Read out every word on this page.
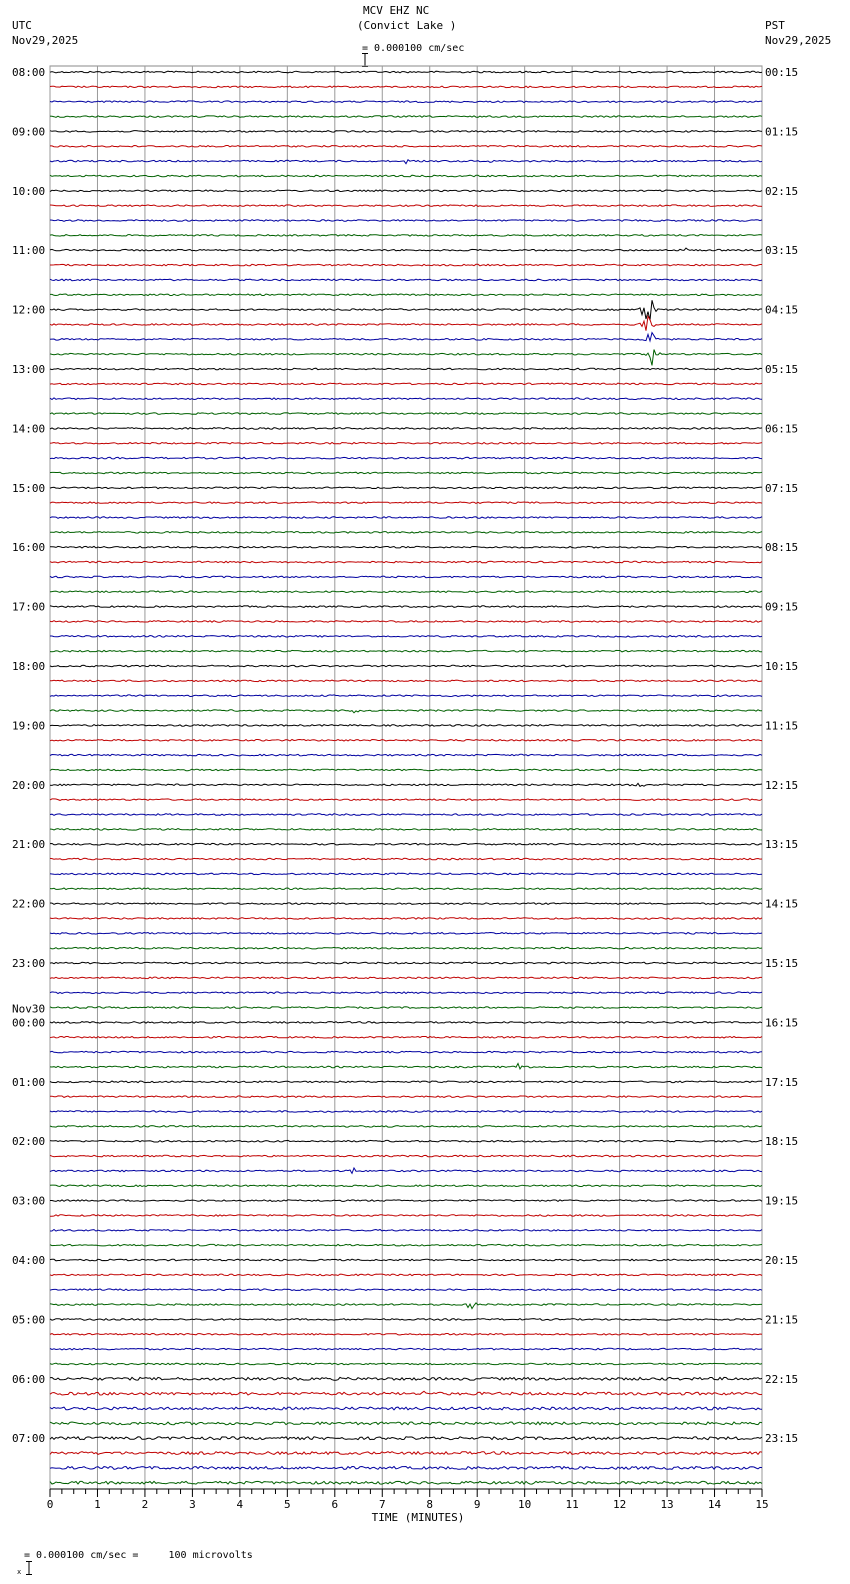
MCV EHZ NC
(Convict Lake )

= 0.000100 cm/sec
UTC
Nov29,2025
PST
Nov29,2025
08:00
09:00
10:00
11:00
12:00
13:00
14:00
15:00
16:00
17:00
18:00
19:00
20:00
21:00
22:00
23:00
Nov30
00:00
01:00
02:00
03:00
04:00
05:00
06:00
07:00
00:15
01:15
02:15
03:15
04:15
05:15
06:15
07:15
08:15
09:15
10:15
11:15
12:15
13:15
14:15
15:15
16:15
17:15
18:15
19:15
20:15
21:15
22:15
23:15
0	1	2	3	4	5	6	7	8	9	10	11	12	13	14	15
TIME (MINUTES)

x

= 0.000100 cm/sec =     100 microvolts
